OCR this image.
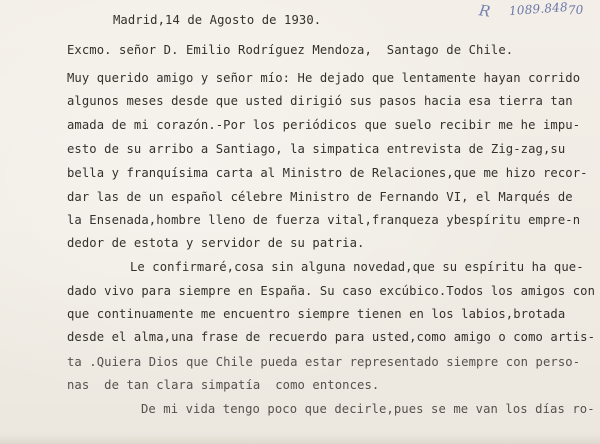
R 1089.848 70
Madrid,14 de Agosto de 1930.
Excmo. señor D. Emilio Rodríguez Mendoza,  Santago de Chile.
Muy querido amigo y señor mío: He dejado que lentamente hayan corrido
algunos meses desde que usted dirigió sus pasos hacia esa tierra tan
amada de mi corazón.-Por los periódicos que suelo recibir me he impu-
esto de su arribo a Santiago, la simpatica entrevista de Zig-zag,su
bella y franquísima carta al Ministro de Relaciones,que me hizo recor-
dar las de un español célebre Ministro de Fernando VI, el Marqués de
la Ensenada,hombre lleno de fuerza vital,franqueza ybespíritu empre-n
dedor de estota y servidor de su patria.
Le confirmaré,cosa sin alguna novedad,que su espíritu ha que-
dado vivo para siempre en España. Su caso excúbico.Todos los amigos con
que continuamente me encuentro siempre tienen en los labios,brotada
desde el alma,una frase de recuerdo para usted,como amigo o como artis-
ta .Quiera Dios que Chile pueda estar representado siempre con perso-
nas  de tan clara simpatía  como entonces.
De mi vida tengo poco que decirle,pues se me van los días ro-
